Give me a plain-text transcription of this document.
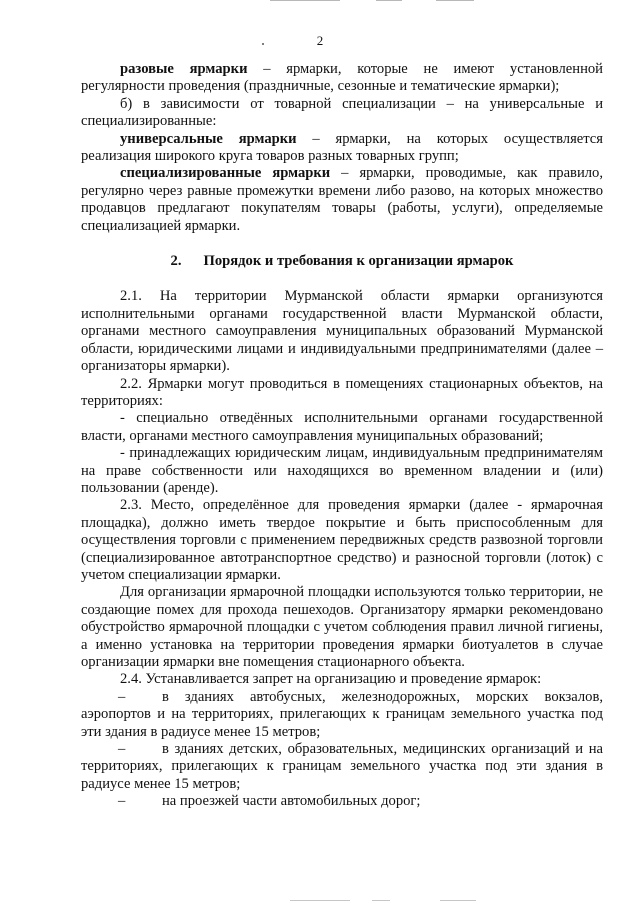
2

разовые ярмарки – ярмарки, которые не имеют установленной регулярности проведения (праздничные, сезонные и тематические ярмарки);

б) в зависимости от товарной специализации – на универсальные и специализированные:

универсальные ярмарки – ярмарки, на которых осуществляется реализация широкого круга товаров разных товарных групп;

специализированные ярмарки – ярмарки, проводимые, как правило, регулярно через равные промежутки времени либо разово, на которых множество продавцов предлагают покупателям товары (работы, услуги), определяемые специализацией ярмарки.

2. Порядок и требования к организации ярмарок

2.1. На территории Мурманской области ярмарки организуются исполнительными органами государственной власти Мурманской области, органами местного самоуправления муниципальных образований Мурманской области, юридическими лицами и индивидуальными предпринимателями (далее – организаторы ярмарки).

2.2. Ярмарки могут проводиться в помещениях стационарных объектов, на территориях:

- специально отведённых исполнительными органами государственной власти, органами местного самоуправления муниципальных образований;

- принадлежащих юридическим лицам, индивидуальным предпринимателям на праве собственности или находящихся во временном владении и (или) пользовании (аренде).

2.3. Место, определённое для проведения ярмарки (далее - ярмарочная площадка), должно иметь твердое покрытие и быть приспособленным для осуществления торговли с применением передвижных средств развозной торговли (специализированное автотранспортное средство) и разносной торговли (лоток) с учетом специализации ярмарки.

Для организации ярмарочной площадки используются только территории, не создающие помех для прохода пешеходов. Организатору ярмарки рекомендовано обустройство ярмарочной площадки с учетом соблюдения правил личной гигиены, а именно установка на территории проведения ярмарки биотуалетов в случае организации ярмарки вне помещения стационарного объекта.

2.4. Устанавливается запрет на организацию и проведение ярмарок:

–	в зданиях автобусных, железнодорожных, морских вокзалов, аэропортов и на территориях, прилегающих к границам земельного участка под эти здания в радиусе менее 15 метров;

–	в зданиях детских, образовательных, медицинских организаций и на территориях, прилегающих к границам земельного участка под эти здания в радиусе менее 15 метров;

–	на проезжей части автомобильных дорог;
